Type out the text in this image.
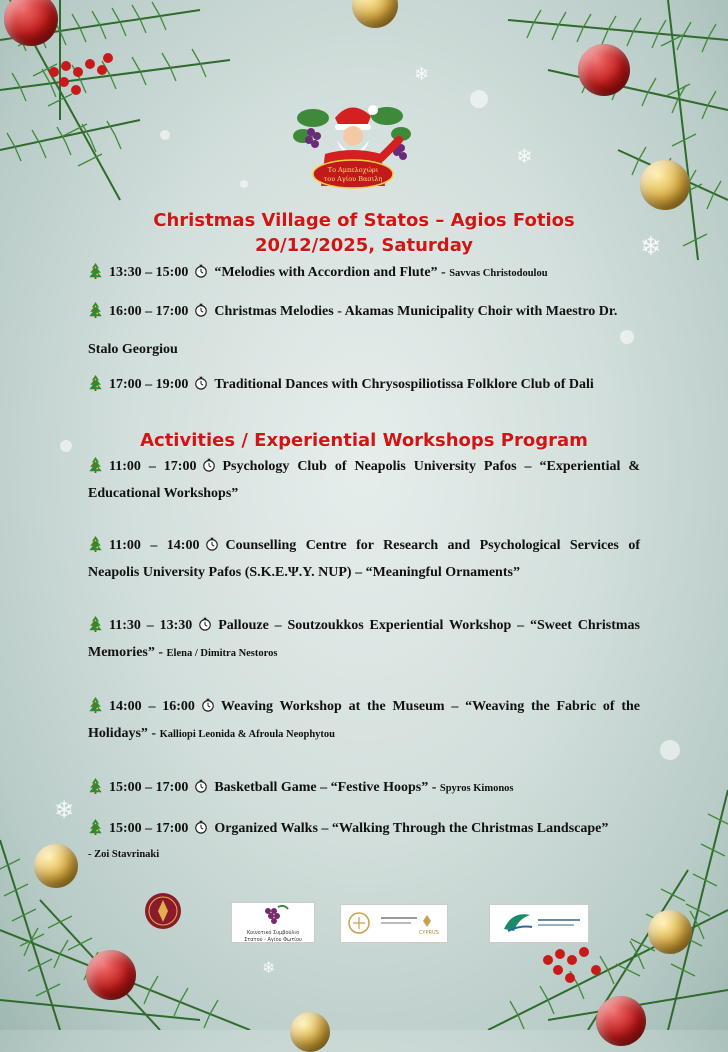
❄
❄
❄
❄
❄
Το Αμπελοχώρι
του Αγίου Βασιλη
Christmas Village of Statos – Agios Fotios
20/12/2025, Saturday
13:30 – 15:00 “Melodies with Accordion and Flute” - Savvas Christodoulou
16:00 – 17:00 Christmas Melodies - Akamas Municipality Choir with Maestro Dr.
Stalo Georgiou
17:00 – 19:00 Traditional Dances with Chrysospiliotissa Folklore Club of Dali
Activities / Experiential Workshops Program
11:00 – 17:00 Psychology Club of Neapolis University Pafos – “Experiential & Educational Workshops”
11:00 – 14:00 Counselling Centre for Research and Psychological Services of Neapolis University Pafos (S.K.E.Ψ.Y. NUP) – “Meaningful Ornaments”
11:30 – 13:30 Pallouze – Soutzoukkos Experiential Workshop – “Sweet Christmas Memories” - Elena / Dimitra Nestoros
14:00 – 16:00 Weaving Workshop at the Museum – “Weaving the Fabric of the Holidays” - Kalliopi Leonida & Afroula Neophytou
15:00 – 17:00 Basketball Game – “Festive Hoops” - Spyros Kimonos
15:00 – 17:00 Organized Walks – “Walking Through the Christmas Landscape”
- Zoi Stavrinaki
Κοινοτικό Συμβούλιο
Στατού - Αγίου Φωτίου
CYPRUS
